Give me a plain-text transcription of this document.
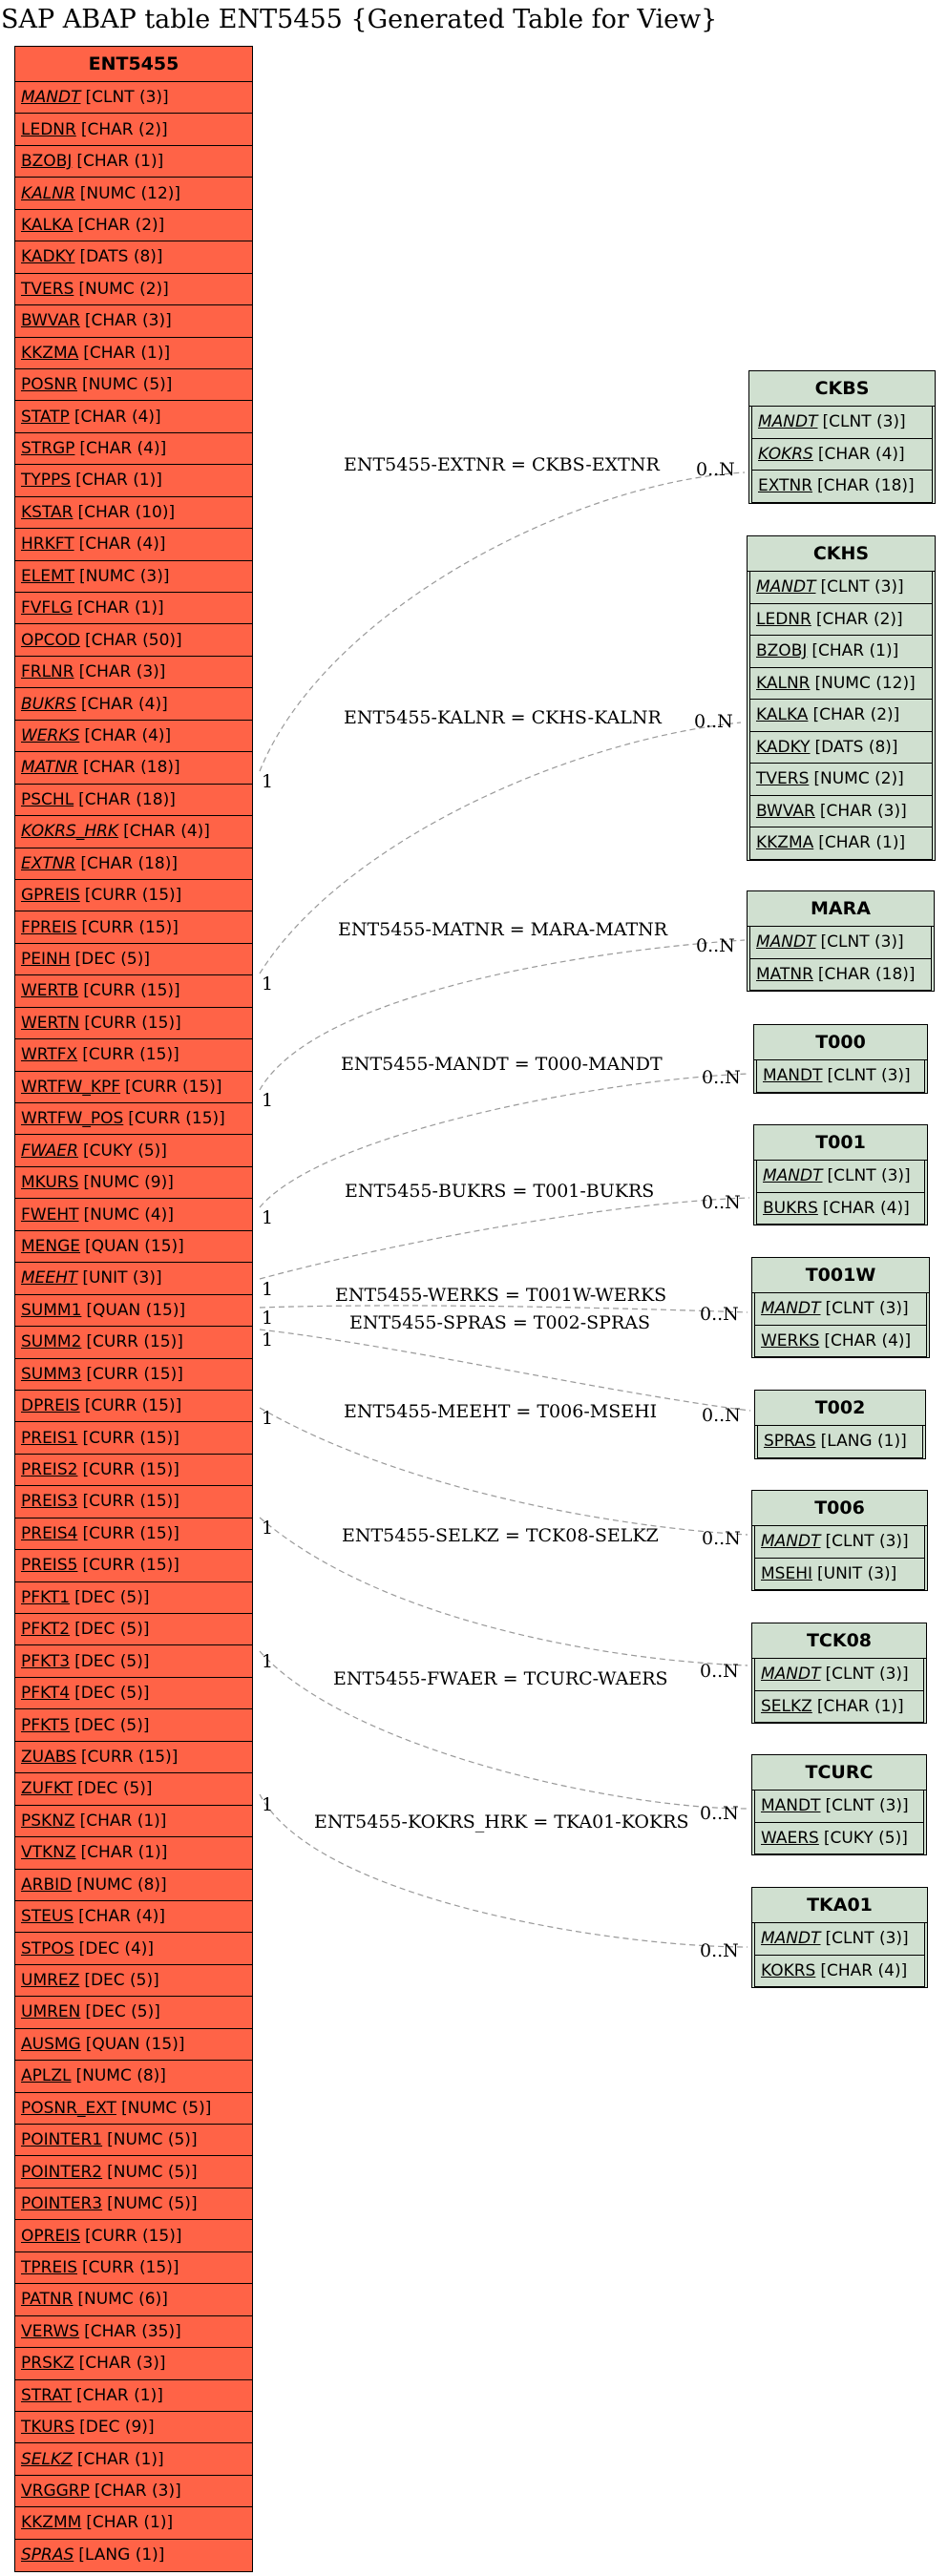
SAP ABAP table ENT5455 {Generated Table for View}
ENT5455
MANDT [CLNT (3)]
LEDNR [CHAR (2)]
BZOBJ [CHAR (1)]
KALNR [NUMC (12)]
KALKA [CHAR (2)]
KADKY [DATS (8)]
TVERS [NUMC (2)]
BWVAR [CHAR (3)]
KKZMA [CHAR (1)]
POSNR [NUMC (5)]
STATP [CHAR (4)]
STRGP [CHAR (4)]
TYPPS [CHAR (1)]
KSTAR [CHAR (10)]
HRKFT [CHAR (4)]
ELEMT [NUMC (3)]
FVFLG [CHAR (1)]
OPCOD [CHAR (50)]
FRLNR [CHAR (3)]
BUKRS [CHAR (4)]
WERKS [CHAR (4)]
MATNR [CHAR (18)]
PSCHL [CHAR (18)]
KOKRS_HRK [CHAR (4)]
EXTNR [CHAR (18)]
GPREIS [CURR (15)]
FPREIS [CURR (15)]
PEINH [DEC (5)]
WERTB [CURR (15)]
WERTN [CURR (15)]
WRTFX [CURR (15)]
WRTFW_KPF [CURR (15)]
WRTFW_POS [CURR (15)]
FWAER [CUKY (5)]
MKURS [NUMC (9)]
FWEHT [NUMC (4)]
MENGE [QUAN (15)]
MEEHT [UNIT (3)]
SUMM1 [QUAN (15)]
SUMM2 [CURR (15)]
SUMM3 [CURR (15)]
DPREIS [CURR (15)]
PREIS1 [CURR (15)]
PREIS2 [CURR (15)]
PREIS3 [CURR (15)]
PREIS4 [CURR (15)]
PREIS5 [CURR (15)]
PFKT1 [DEC (5)]
PFKT2 [DEC (5)]
PFKT3 [DEC (5)]
PFKT4 [DEC (5)]
PFKT5 [DEC (5)]
ZUABS [CURR (15)]
ZUFKT [DEC (5)]
PSKNZ [CHAR (1)]
VTKNZ [CHAR (1)]
ARBID [NUMC (8)]
STEUS [CHAR (4)]
STPOS [DEC (4)]
UMREZ [DEC (5)]
UMREN [DEC (5)]
AUSMG [QUAN (15)]
APLZL [NUMC (8)]
POSNR_EXT [NUMC (5)]
POINTER1 [NUMC (5)]
POINTER2 [NUMC (5)]
POINTER3 [NUMC (5)]
OPREIS [CURR (15)]
TPREIS [CURR (15)]
PATNR [NUMC (6)]
VERWS [CHAR (35)]
PRSKZ [CHAR (3)]
STRAT [CHAR (1)]
TKURS [DEC (9)]
SELKZ [CHAR (1)]
VRGGRP [CHAR (3)]
KKZMM [CHAR (1)]
SPRAS [LANG (1)]
CKBS
MANDT [CLNT (3)]
KOKRS [CHAR (4)]
EXTNR [CHAR (18)]
CKHS
MANDT [CLNT (3)]
LEDNR [CHAR (2)]
BZOBJ [CHAR (1)]
KALNR [NUMC (12)]
KALKA [CHAR (2)]
KADKY [DATS (8)]
TVERS [NUMC (2)]
BWVAR [CHAR (3)]
KKZMA [CHAR (1)]
MARA
MANDT [CLNT (3)]
MATNR [CHAR (18)]
T000
MANDT [CLNT (3)]
T001
MANDT [CLNT (3)]
BUKRS [CHAR (4)]
T001W
MANDT [CLNT (3)]
WERKS [CHAR (4)]
T002
SPRAS [LANG (1)]
T006
MANDT [CLNT (3)]
MSEHI [UNIT (3)]
TCK08
MANDT [CLNT (3)]
SELKZ [CHAR (1)]
TCURC
MANDT [CLNT (3)]
WAERS [CUKY (5)]
TKA01
MANDT [CLNT (3)]
KOKRS [CHAR (4)]
ENT5455-EXTNR = CKBS-EXTNR
1
0..N
ENT5455-KALNR = CKHS-KALNR
1
0..N
ENT5455-MATNR = MARA-MATNR
1
0..N
ENT5455-MANDT = T000-MANDT
1
0..N
ENT5455-BUKRS = T001-BUKRS
1
0..N
ENT5455-WERKS = T001W-WERKS
1	0..N
ENT5455-SPRAS = T002-SPRAS
1
0..N
ENT5455-MEEHT = T006-MSEHI
1
0..N
ENT5455-SELKZ = TCK08-SELKZ
1
0..N
ENT5455-FWAER = TCURC-WAERS
1
0..N
ENT5455-KOKRS_HRK = TKA01-KOKRS
1
0..N
